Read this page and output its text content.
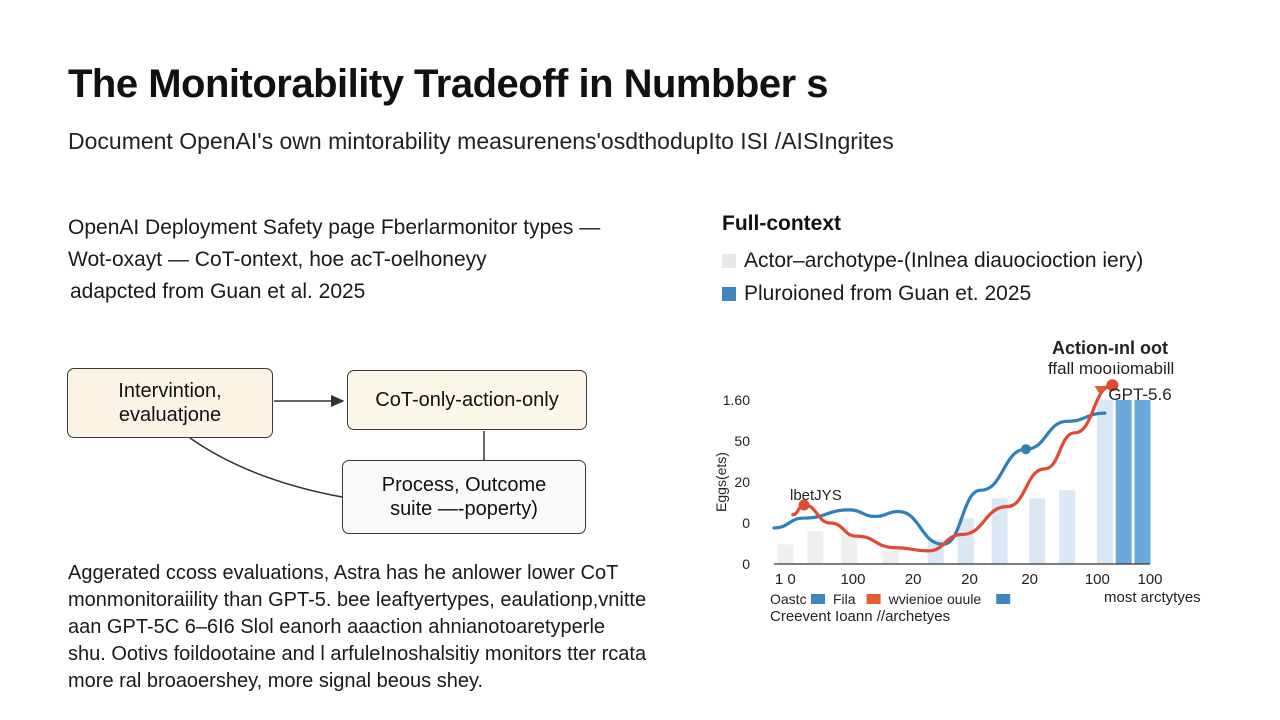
The Monitorability Tradeoff in Numbber s
Document OpenAI's own mintorability measurenens'osdthodupIto ISI /AISIngrites
OpenAI Deployment Safety page Fberlarmonitor types —
Wot-oxayt — CoT-ontext, hoe acT-oelhoneyy
adapcted from Guan et al. 2025
Full-context
Actor–archotype-(Inlnea diauocioction iery)
Pluroioned from Guan et. 2025
Intervintion,
evaluatjone
CoT-only-action-only
Process, Outcome
suite —-poperty)
Aggerated ccoss evaluations, Astra has he anlower lower CoT
monmonitoraiility than GPT-5. bee leaftyertypes, eaulationp,vnitte
aan GPT-5C 6–6I6 Slol eanorh aaaction ahnianotoaretyperle
shu. Ootivs foildootaine and l arfuleInoshalsitiy monitors tter rcata
more ral broaoershey, more signal beous shey.
0
0
20
50
1.60
1 0	100	20	20	20	100 100
Eggs(ets)
Creevent Ioann //archetyes
Action-ınl oot
ffall mooıiomabill
GPT-5.6
lbetJYS
most arctytyes
Oastc Fila wvienioe ouule
